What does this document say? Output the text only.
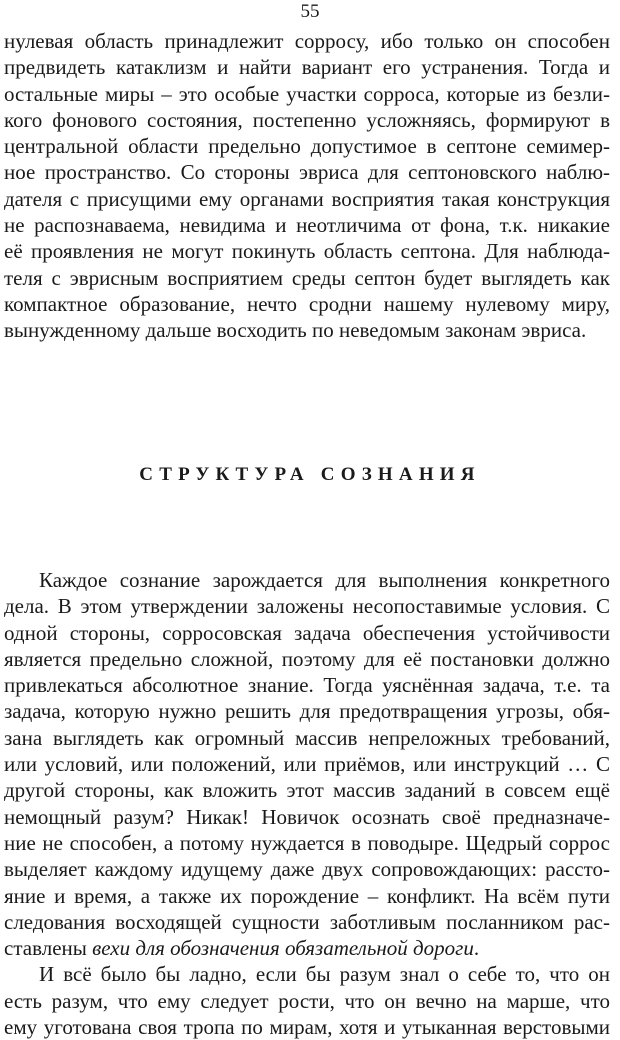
55
нулевая область принадлежит сорросу, ибо только он способен
предвидеть катаклизм и найти вариант его устранения. Тогда и
остальные миры – это особые участки сорроса, которые из безли-
кого фонового состояния, постепенно усложняясь, формируют в
центральной области предельно допустимое в септоне семимер-
ное пространство. Со стороны эвриса для септоновского наблю-
дателя с присущими ему органами восприятия такая конструкция
не распознаваема, невидима и неотличима от фона, т.к. никакие
её проявления не могут покинуть область септона. Для наблюда-
теля с эврисным восприятием среды септон будет выглядеть как
компактное образование, нечто сродни нашему нулевому миру,
вынужденному дальше восходить по неведомым законам эвриса.
СТРУКТУРА СОЗНАНИЯ
Каждое сознание зарождается для выполнения конкретного
дела. В этом утверждении заложены несопоставимые условия. С
одной стороны, сорросовская задача обеспечения устойчивости
является предельно сложной, поэтому для её постановки должно
привлекаться абсолютное знание. Тогда уяснённая задача, т.е. та
задача, которую нужно решить для предотвращения угрозы, обя-
зана выглядеть как огромный массив непреложных требований,
или условий, или положений, или приёмов, или инструкций … С
другой стороны, как вложить этот массив заданий в совсем ещё
немощный разум? Никак! Новичок осознать своё предназначе-
ние не способен, а потому нуждается в поводыре. Щедрый соррос
выделяет каждому идущему даже двух сопровождающих: рассто-
яние и время, а также их порождение – конфликт. На всём пути
следования восходящей сущности заботливым посланником рас-
ставлены вехи для обозначения обязательной дороги.
И всё было бы ладно, если бы разум знал о себе то, что он
есть разум, что ему следует рости, что он вечно на марше, что
ему уготована своя тропа по мирам, хотя и утыканная верстовыми
